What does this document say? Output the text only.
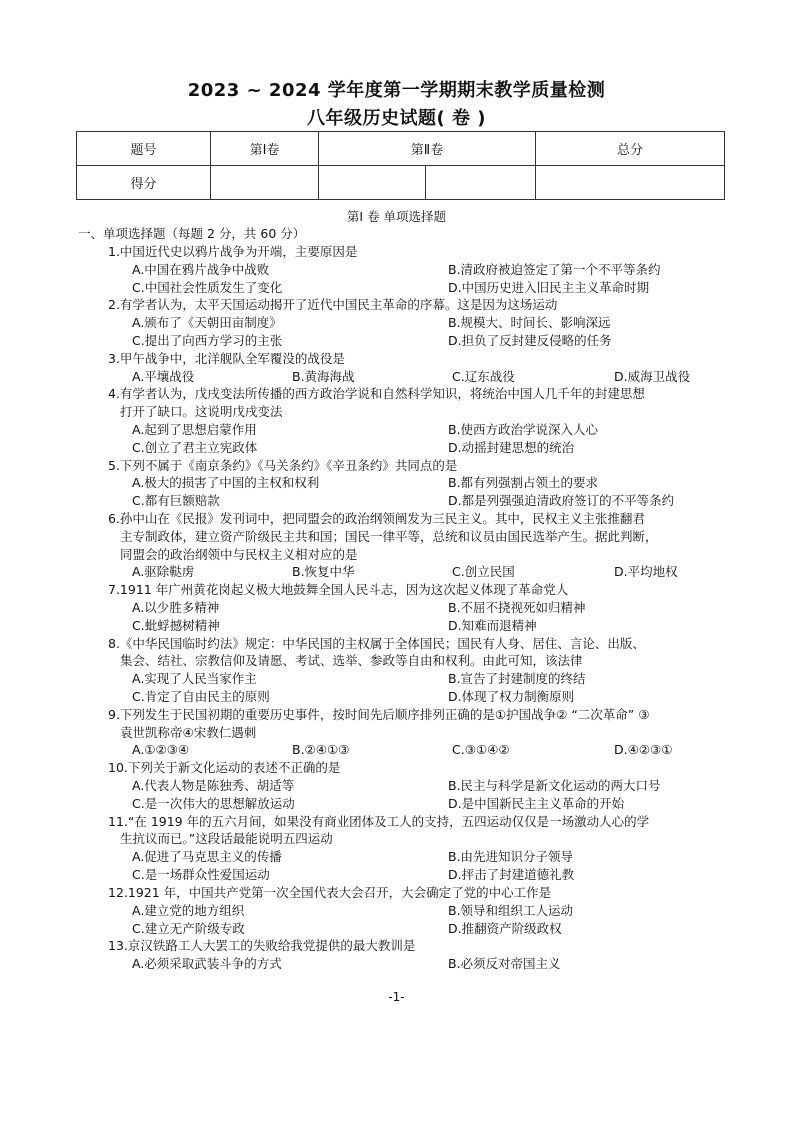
2023 ~ 2024 学年度第一学期期末教学质量检测
八年级历史试题( 卷 )
题号	第Ⅰ卷	第Ⅱ卷		总分
得分				
第Ⅰ 卷 单项选择题
一、单项选择题（每题 2 分，共 60 分）
1.中国近代史以鸦片战争为开端，主要原因是
A.中国在鸦片战争中战败	B.清政府被迫签定了第一个不平等条约
C.中国社会性质发生了变化	D.中国历史进入旧民主主义革命时期
2.有学者认为，太平天国运动揭开了近代中国民主革命的序幕。这是因为这场运动
A.颁布了《天朝田亩制度》	B.规模大、时间长、影响深远
C.提出了向西方学习的主张	D.担负了反封建反侵略的任务
3.甲午战争中，北洋舰队全军覆没的战役是
A.平壤战役	B.黄海海战	C.辽东战役	D.威海卫战役
4.有学者认为，戊戌变法所传播的西方政治学说和自然科学知识，将统治中国人几千年的封建思想
打开了缺口。这说明戊戌变法
A.起到了思想启蒙作用	B.使西方政治学说深入人心
C.创立了君主立宪政体	D.动摇封建思想的统治
5.下列不属于《南京条约》《马关条约》《辛丑条约》共同点的是
A.极大的损害了中国的主权和权利	B.都有列强割占领土的要求
C.都有巨额赔款	D.都是列强强迫清政府签订的不平等条约
6.孙中山在《民报》发刊词中，把同盟会的政治纲领阐发为三民主义。其中，民权主义主张推翻君
主专制政体，建立资产阶级民主共和国；国民一律平等，总统和议员由国民选举产生。据此判断，
同盟会的政治纲领中与民权主义相对应的是
A.驱除鞑虏	B.恢复中华	C.创立民国	D.平均地权
7.1911 年广州黄花岗起义极大地鼓舞全国人民斗志，因为这次起义体现了革命党人
A.以少胜多精神	B.不屈不挠视死如归精神
C.蚍蜉撼树精神	D.知难而退精神
8.《中华民国临时约法》规定：中华民国的主权属于全体国民；国民有人身、居住、言论、出版、
集会、结社、宗教信仰及请愿、考试、选举、参政等自由和权利。由此可知，该法律
A.实现了人民当家作主	B.宣告了封建制度的终结
C.肯定了自由民主的原则	D.体现了权力制衡原则
9.下列发生于民国初期的重要历史事件，按时间先后顺序排列正确的是①护国战争② “二次革命” ③
袁世凯称帝④宋教仁遇刺
A.①②③④	B.②④①③	C.③①④②	D.④②③①
10.下列关于新文化运动的表述不正确的是
A.代表人物是陈独秀、胡适等	B.民主与科学是新文化运动的两大口号
C.是一次伟大的思想解放运动	D.是中国新民主主义革命的开始
11.“在 1919 年的五六月间，如果没有商业团体及工人的支持，五四运动仅仅是一场激动人心的学
生抗议而已。”这段话最能说明五四运动
A.促进了马克思主义的传播	B.由先进知识分子领导
C.是一场群众性爱国运动	D.抨击了封建道德礼教
12.1921 年，中国共产党第一次全国代表大会召开，大会确定了党的中心工作是
A.建立党的地方组织	B.领导和组织工人运动
C.建立无产阶级专政	D.推翻资产阶级政权
13.京汉铁路工人大罢工的失败给我党提供的最大教训是
A.必须采取武装斗争的方式	B.必须反对帝国主义
-1-
